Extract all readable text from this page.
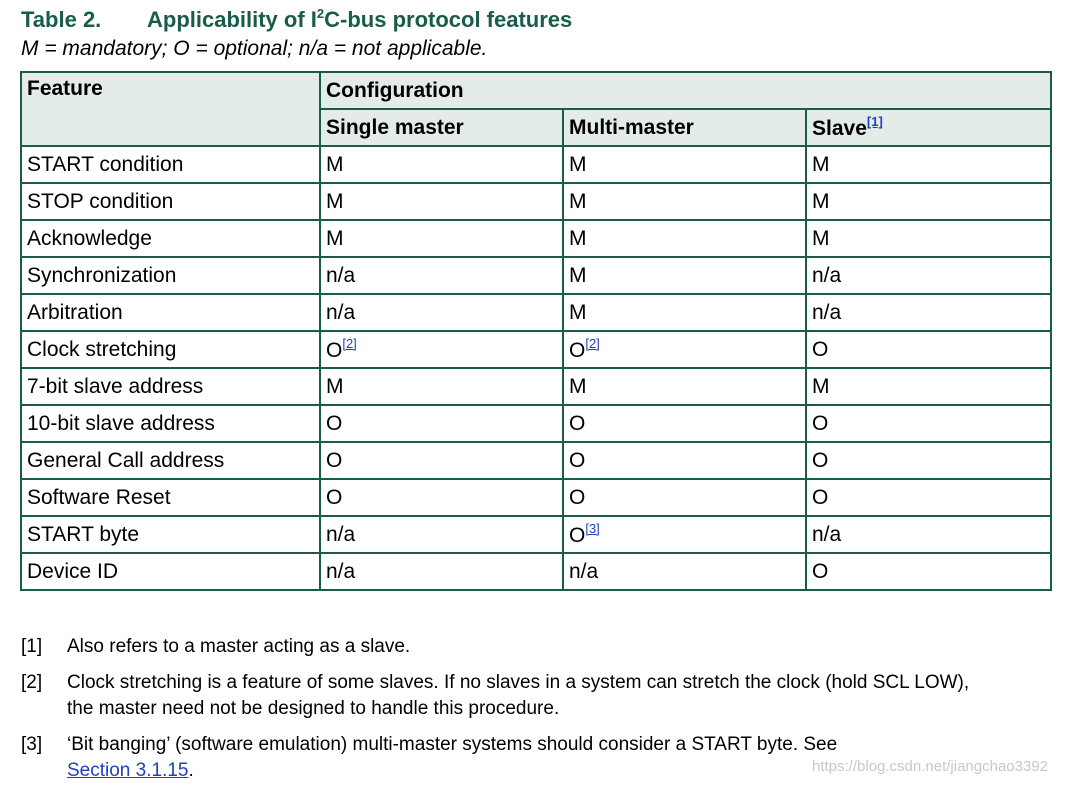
Table 2. Applicability of $I^2C$-bus protocol features
M = mandatory; O = optional; n/a = not applicable.
Feature	Configuration		
	Single master	Multi-master	Slave[1]
START condition	M	M	M
STOP condition	M	M	M
Acknowledge	M	M	M
Synchronization	n/a	M	n/a
Arbitration	n/a	M	n/a
Clock stretching	O[2]	O[2]	O
7-bit slave address	M	M	M
10-bit slave address	O	O	O
General Call address	O	O	O
Software Reset	O	O	O
START byte	n/a	O[3]	n/a
Device ID	n/a	n/a	O
[1]	Also refers to a master acting as a slave.
[2]	Clock stretching is a feature of some slaves. If no slaves in a system can stretch the clock (hold SCL LOW),
the master need not be designed to handle this procedure.
[3]	‘Bit banging’ (software emulation) multi-master systems should consider a START byte. See
Section 3.1.15.	https://blog.csdn.net/jiangchao3392
